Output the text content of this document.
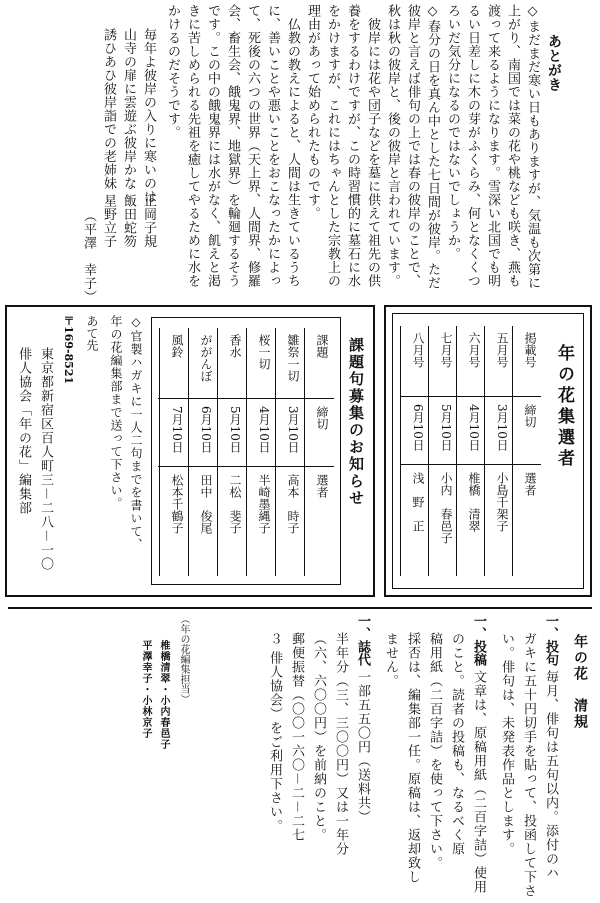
あとがき
◇まだまだ寒い日もありますが、気温も次第に
上がり、南国では菜の花や桃なども咲き、燕も
渡って来るようになります。雪深い北国でも明
るい日差しに木の芽がふくらみ、何となくくつ
ろいだ気分になるのではないでしょうか。
◇春分の日を真ん中とした七日間が彼岸。ただ
彼岸と言えば俳句の上では春の彼岸のことで、
秋は秋の彼岸と、後の彼岸と言われています。
　彼岸には花や団子などを墓に供えて祖先の供
養をするわけですが、この時習慣的に墓石に水
をかけますが、これにはちゃんとした宗教上の
理由があって始められたものです。
　仏教の教えによると、人間は生きているうち
に、善いことや悪いことをおこなったかによっ
て、死後の六つの世界（天上界、人間界、修羅
会、畜生会、餓鬼界、地獄界）を輪廻するそう
です。この中の餓鬼界には水がなく、飢えと渇
きに苦しめられる先祖を癒してやるために水を
かけるのだそうです。
毎年よ彼岸の入りに寒いのは
正岡子規
山寺の扉に雲遊ぶ彼岸かな
飯田蛇笏
誘ひあひ彼岸詣での老姉妹
星野立子
（平澤　幸子）
年の花集選者
掲載号
締切
選者
五月号
3月10日
小島千架子
六月号
4月10日
椎橋　清翠
七月号
5月10日
小内　春邑子
八月号
6月10日
浅　野　正
課題句募集のお知らせ
課題
締切
選者
雛祭一切
3月10日
高本　時子
桜一切
4月10日
半崎墨縄子
香水
5月10日
二松　斐子
ががんぼ
6月10日
田中　俊尾
風鈴
7月10日
松本千鶴子
◇官製ハガキに一人二句までを書いて、
年の花編集部まで送って下さい。
あて先
〒169-8521
東京都新宿区百人町三－二八－一〇
俳人協会「年の花」編集部
年の花　清規
一、投句
毎月、俳句は五句以内。添付のハ
ガキに五十円切手を貼って、投函して下さ
い。俳句は、未発表作品とします。
一、投稿
文章は、原稿用紙（二百字詰）使用
のこと。読者の投稿も、なるべく原
稿用紙（二百字詰）を使って下さい。
採否は、編集部一任。原稿は、返却致し
ません。
一、誌代
一部五五〇円（送料共）
半年分（三、三〇〇円）又は一年分
（六、六〇〇円）を前納のこと。
郵便振替（〇〇一六〇－二－二七
３ 俳人協会）をご利用下さい。
（年の花編集担当）
椎橋清翠・小内春邑子
平澤幸子・小林京子
